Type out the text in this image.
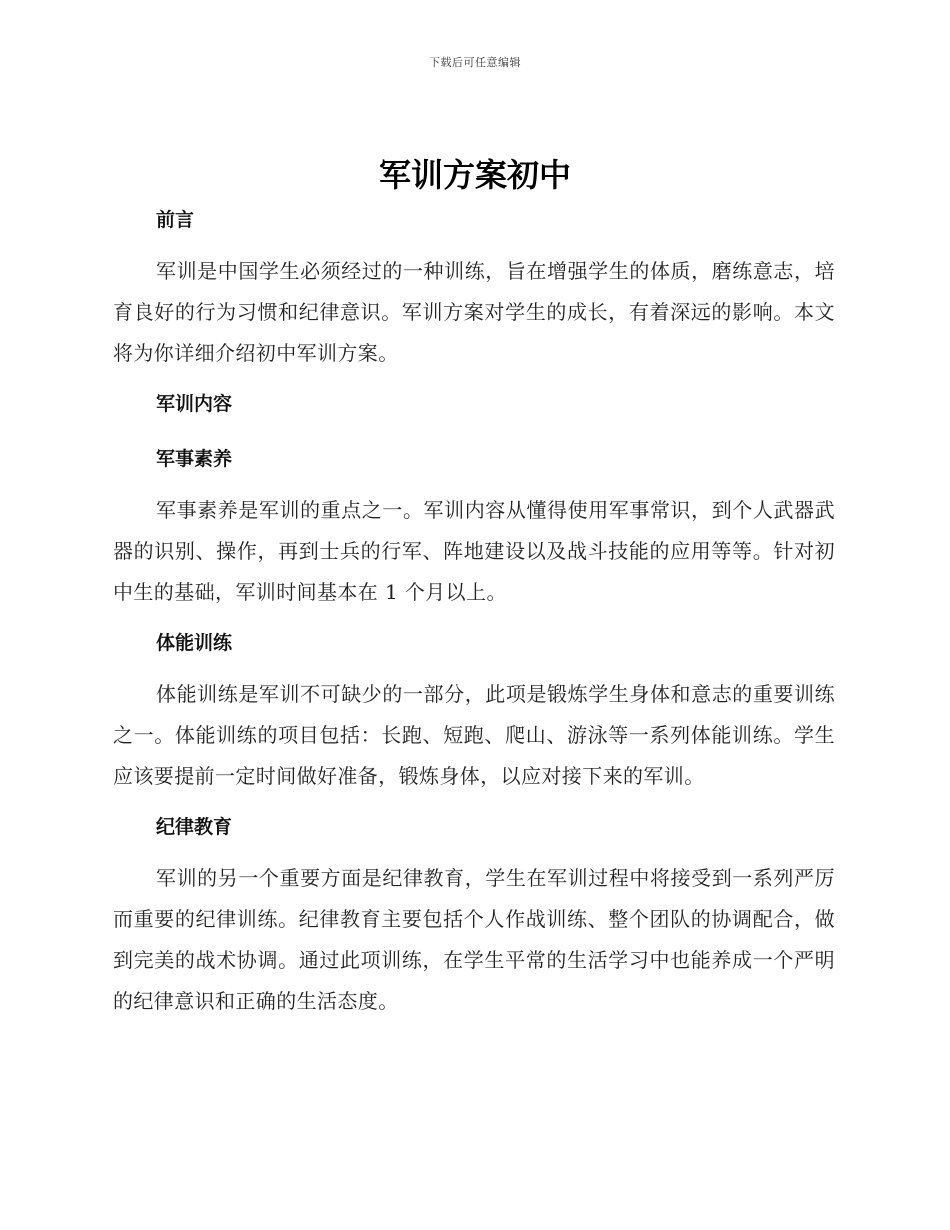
下载后可任意编辑
军训方案初中
前言

军训是中国学生必须经过的一种训练，旨在增强学生的体质，磨练意志，培育良好的行为习惯和纪律意识。军训方案对学生的成长，有着深远的影响。本文将为你详细介绍初中军训方案。

军训内容
军事素养

军事素养是军训的重点之一。军训内容从懂得使用军事常识，到个人武器武器的识别、操作，再到士兵的行军、阵地建设以及战斗技能的应用等等。针对初中生的基础，军训时间基本在 1 个月以上。

体能训练

体能训练是军训不可缺少的一部分，此项是锻炼学生身体和意志的重要训练之一。体能训练的项目包括：长跑、短跑、爬山、游泳等一系列体能训练。学生应该要提前一定时间做好准备，锻炼身体，以应对接下来的军训。

纪律教育

军训的另一个重要方面是纪律教育，学生在军训过程中将接受到一系列严厉而重要的纪律训练。纪律教育主要包括个人作战训练、整个团队的协调配合，做到完美的战术协调。通过此项训练，在学生平常的生活学习中也能养成一个严明的纪律意识和正确的生活态度。
